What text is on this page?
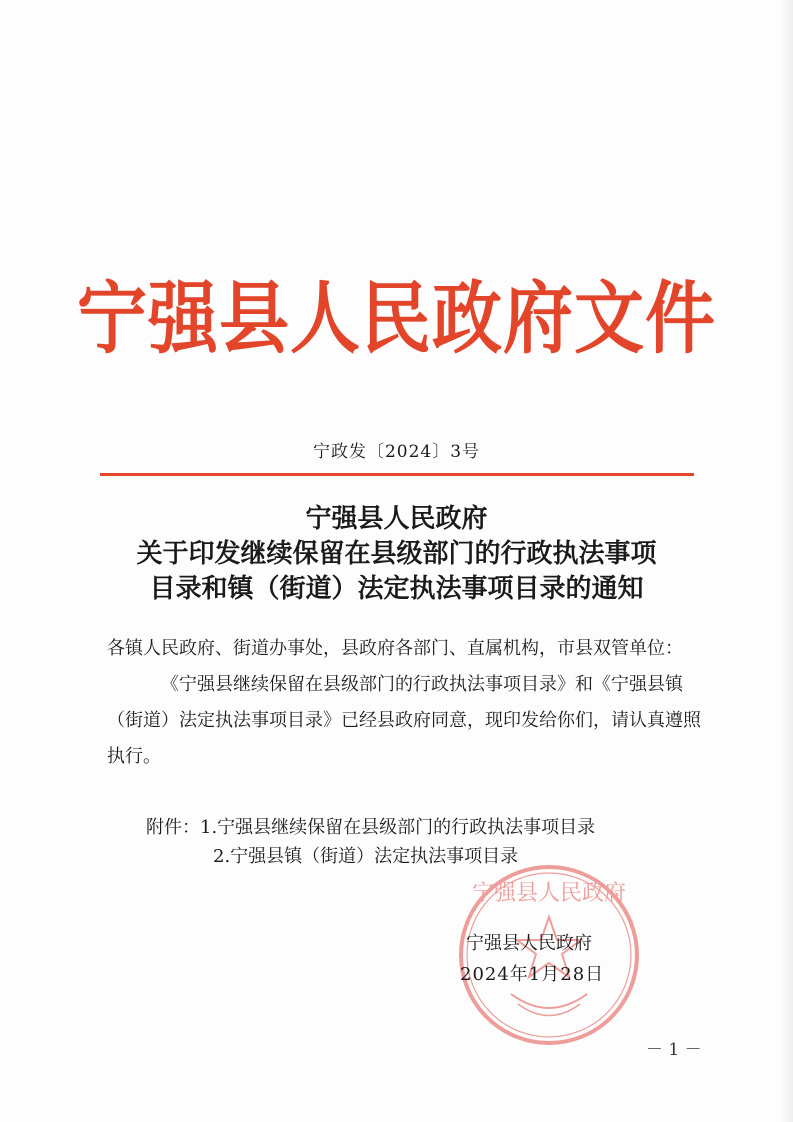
宁强县人民政府文件
宁政发〔2024〕3号
宁强县人民政府
关于印发继续保留在县级部门的行政执法事项
目录和镇（街道）法定执法事项目录的通知

各镇人民政府、街道办事处，县政府各部门、直属机构，市县双管单位：

《宁强县继续保留在县级部门的行政执法事项目录》和《宁强县镇（街道）法定执法事项目录》已经县政府同意，现印发给你们，请认真遵照执行。

附件：1.宁强县继续保留在县级部门的行政执法事项目录
2.宁强县镇（街道）法定执法事项目录
宁强县人民政府
宁强县人民政府
2024年1月28日
－ 1 －
